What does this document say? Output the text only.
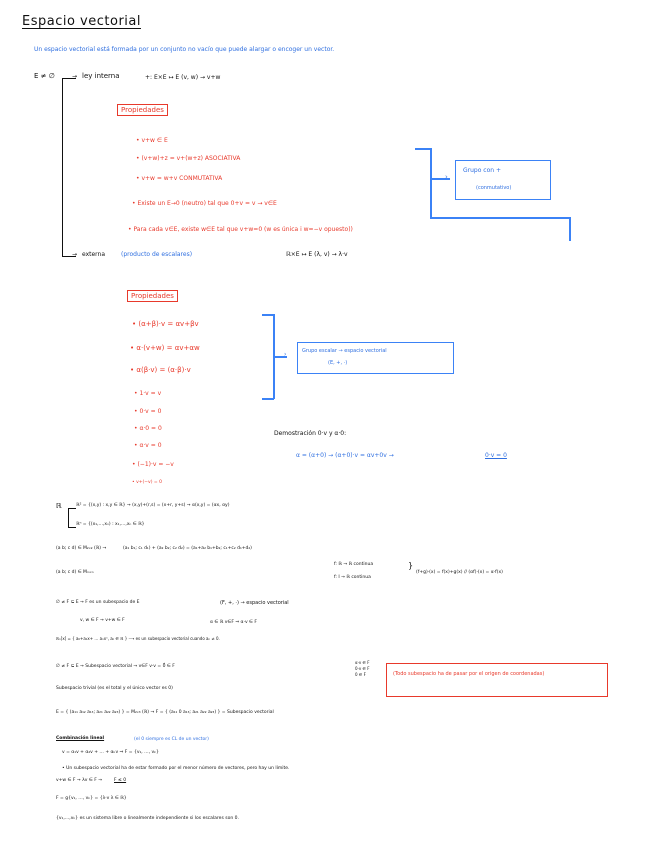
Espacio vectorial
Un espacio vectorial está formada por un conjunto no vacío que puede alargar o encoger un vector.
E ≠ ∅	→ ley interna	+: E×E ↦ E (v, w) → v+w
Propiedades
• v+w ∈ E
• (v+w)+z = v+(w+z) ASOCIATIVA
• v+w = w+v CONMUTATIVA
• Existe un E→0 (neutro) tal que 0+v = v → v∈E
• Para cada v∈E, existe w∈E tal que v+w=0 (w es única i w=−v opuesto))
›
Grupo con +
(conmutativo)
→ externa	(producto de escalares)	ℝ×E ↦ E (λ, v) → λ·v
Propiedades
• (α+β)·v = αv+βv
• α·(v+w) = αv+αw
• α(β·v) = (α·β)·v
• 1·v = v
• 0·v = 0
• α·0 = 0
• α·v = 0
• (−1)·v = −v
• v+(−v) = 0
›	Grupo escalar → espacio vectorial
(E, +, ·)
Demostración 0·v y α·0:
α = (α+0) → (α+0)·v = αv+0v →	0·v = 0
ℝ	ℝ² = {(x,y) : x,y ∈ ℝ} → (x,y)+(r,s) = (x+r, y+s) → α(x,y) = (αx, αy)
ℝⁿ = {(x₁,…,xₙ) : x₁,…,xₙ ∈ ℝ}
(a b; c d) ∈ M₂ₓ₂ (ℝ) →	(a₁ b₁; c₁ d₁) + (a₂ b₂; c₂ d₂) = (a₁+a₂ b₁+b₂; c₁+c₂ d₁+d₂)
(a b; c d) ∈ Mₘₓₙ
f: ℝ → ℝ continua
f: I → ℝ continua
}
(f+g)·(x) = f(x)+g(x) // (αf)·(x) = α·f(x)
∅ ≠ F ⊆ E → F es un subespacio de E	(F, +, ·) → espacio vectorial
v, w ∈ F → v+w ∈ F	α ∈ ℝ v∈F ⇒ α·v ∈ F
ℝₙ[x] = { a₀+a₁x+ … aₙxⁿ, aₙ ∈ ℝ } ⟶ es un subespacio vectorial cuando aₙ ≠ 0.
∅ ≠ F ⊆ E → Subespacio vectorial → v∈F v·v = 0⃗ ∈ F
α·v ∈ F
0·v ∈ F
0 ∈ F	(Todo subespacio ha de pasar por el origen de coordenadas)
Subespacio trivial (es el total y el único vector es 0)
E = { (a₁₁ a₁₂ a₁₃; a₂₁ a₂₂ a₂₃) } = M₂ₓ₃ (ℝ) → F = { (a₁₁ 0 a₁₃; a₂₁ a₂₂ a₂₃) } = Subespacio vectorial
Combinación lineal	(el 0 siempre es CL de un vector)
v = α₁v + α₂v + … + αₖv ⇒ F = {v₁, …, vₖ}
• Un subespacio vectorial ha de estar formado por el menor número de vectores, pero hay un límite.
v+w ∈ F → λv ∈ F →	F ≤ 0
F = g{v₁, …, vₖ} = {λ·v λ ∈ ℝ}
{v₁,…,vₖ} es un sistema libre o linealmente independiente si los escalares son 0.
